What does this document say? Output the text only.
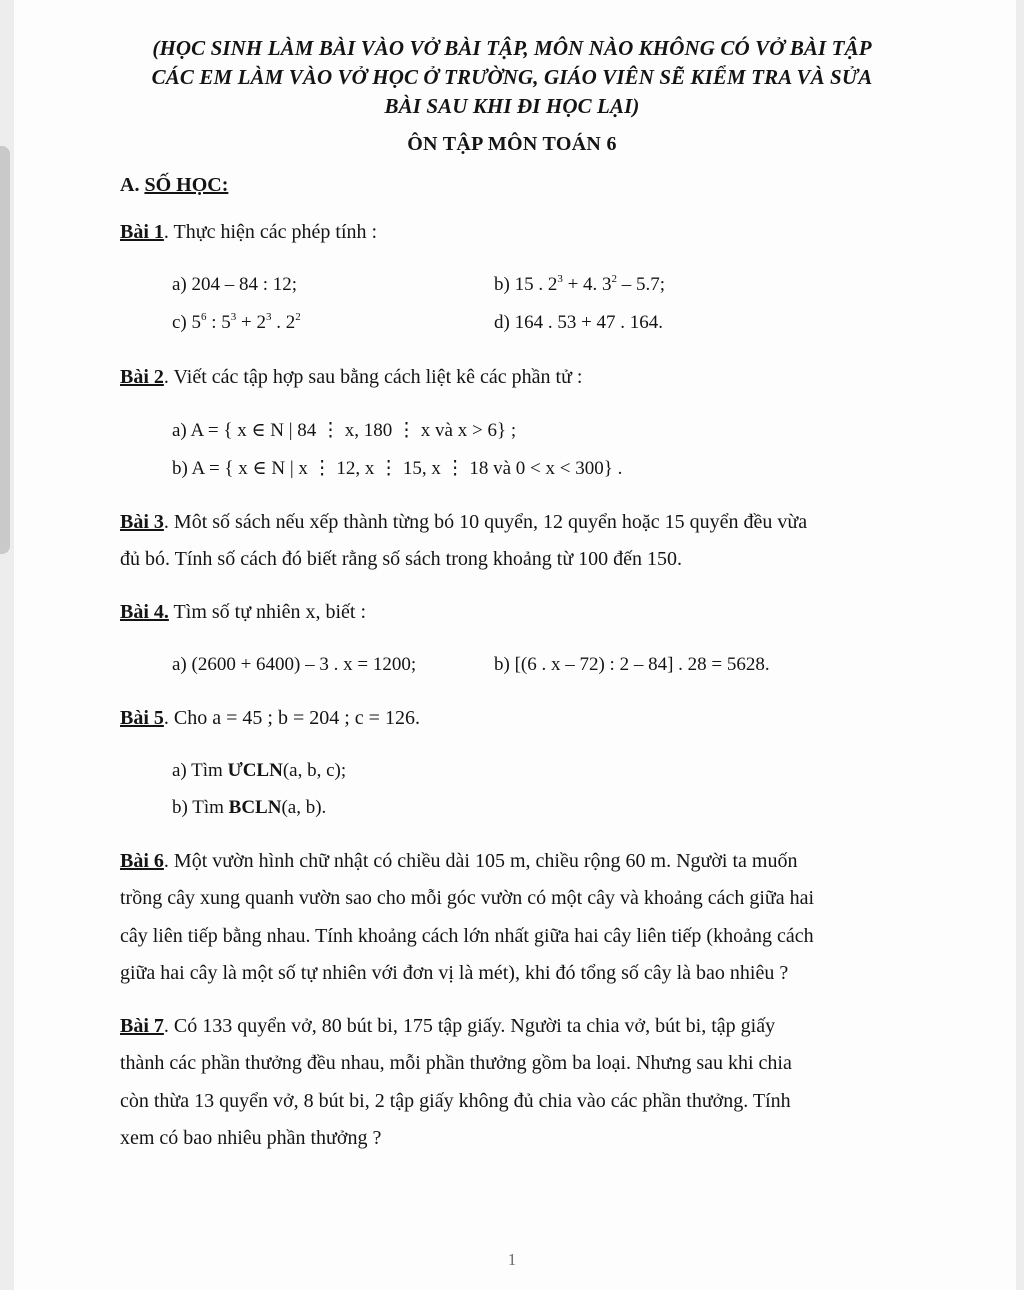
(HỌC SINH LÀM BÀI VÀO VỞ BÀI TẬP, MÔN NÀO KHÔNG CÓ VỞ BÀI TẬP
CÁC EM LÀM VÀO VỞ HỌC Ở TRƯỜNG, GIÁO VIÊN SẼ KIỂM TRA VÀ SỬA
BÀI SAU KHI ĐI HỌC LẠI)
ÔN TẬP MÔN TOÁN 6
A. SỐ HỌC:
Bài 1. Thực hiện các phép tính :
a) 204 – 84 : 12;	b) 15 . $2^3 + 4$. $3^2 - 5.7$;
c) $5^6$ : $5^3 + 2^3$ . $2^2$	d) 164 . 53 + 47 . 164.
Bài 2. Viết các tập hợp sau bằng cách liệt kê các phần tử :
a) A = { x ∈ N | 84 ⋮ x, 180 ⋮ x và x > 6} ;
b) A = { x ∈ N | x ⋮ 12, x ⋮ 15, x ⋮ 18 và 0 < x < 300} .
Bài 3. Môt số sách nếu xếp thành từng bó 10 quyển, 12 quyển hoặc 15 quyển đều vừa
đủ bó. Tính số cách đó biết rằng số sách trong khoảng từ 100 đến 150.
Bài 4. Tìm số tự nhiên x, biết :
a) (2600 + 6400) – 3 . x = 1200;	b) [(6 . x – 72) : 2 – 84] . 28 = 5628.
Bài 5. Cho a = 45 ; b = 204 ; c = 126.
a) Tìm ƯCLN(a, b, c);
b) Tìm BCLN(a, b).
Bài 6. Một vườn hình chữ nhật có chiều dài 105 m, chiều rộng 60 m. Người ta muốn
trồng cây xung quanh vườn sao cho mỗi góc vườn có một cây và khoảng cách giữa hai
cây liên tiếp bằng nhau. Tính khoảng cách lớn nhất giữa hai cây liên tiếp (khoảng cách
giữa hai cây là một số tự nhiên với đơn vị là mét), khi đó tổng số cây là bao nhiêu ?
Bài 7. Có 133 quyển vở, 80 bút bi, 175 tập giấy. Người ta chia vở, bút bi, tập giấy
thành các phần thưởng đều nhau, mỗi phần thưởng gồm ba loại. Nhưng sau khi chia
còn thừa 13 quyển vở, 8 bút bi, 2 tập giấy không đủ chia vào các phần thưởng. Tính
xem có bao nhiêu phần thưởng ?
1
